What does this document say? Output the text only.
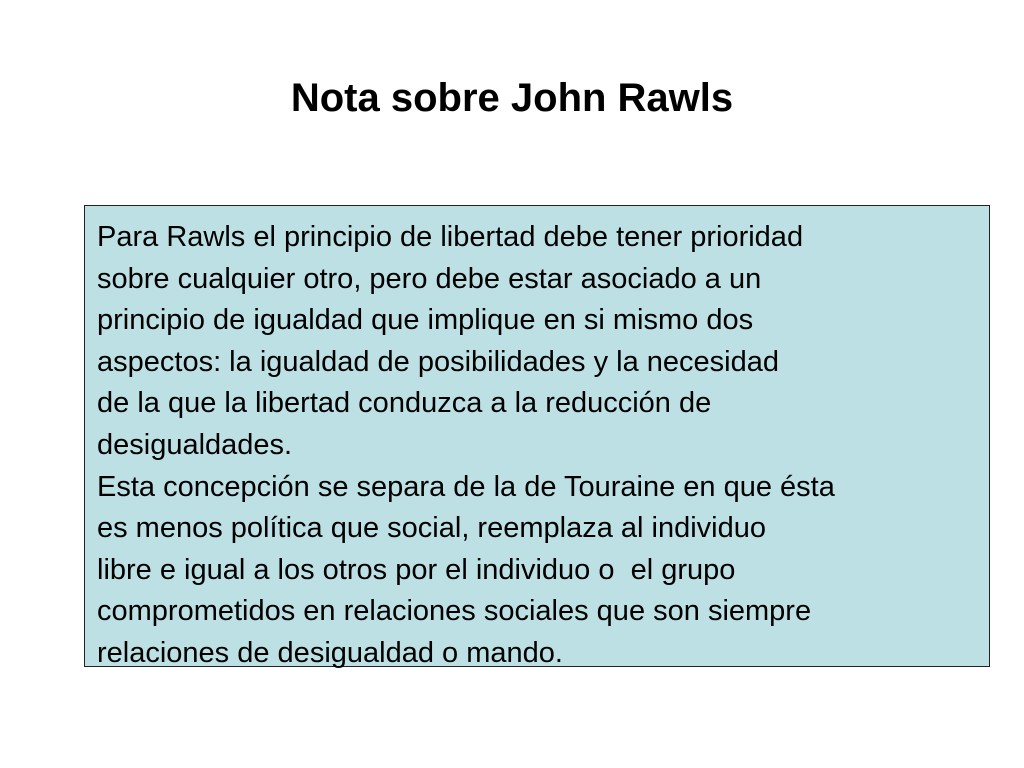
Nota sobre John Rawls

Para Rawls el principio de libertad debe tener prioridad
sobre cualquier otro, pero debe estar asociado a un
principio de igualdad que implique en si mismo dos
aspectos: la igualdad de posibilidades y la necesidad
de la que la libertad conduzca a la reducción de
desigualdades.

Esta concepción se separa de la de Touraine en que ésta
es menos política que social, reemplaza al individuo
libre e igual a los otros por el individuo o  el grupo
comprometidos en relaciones sociales que son siempre
relaciones de desigualdad o mando.
